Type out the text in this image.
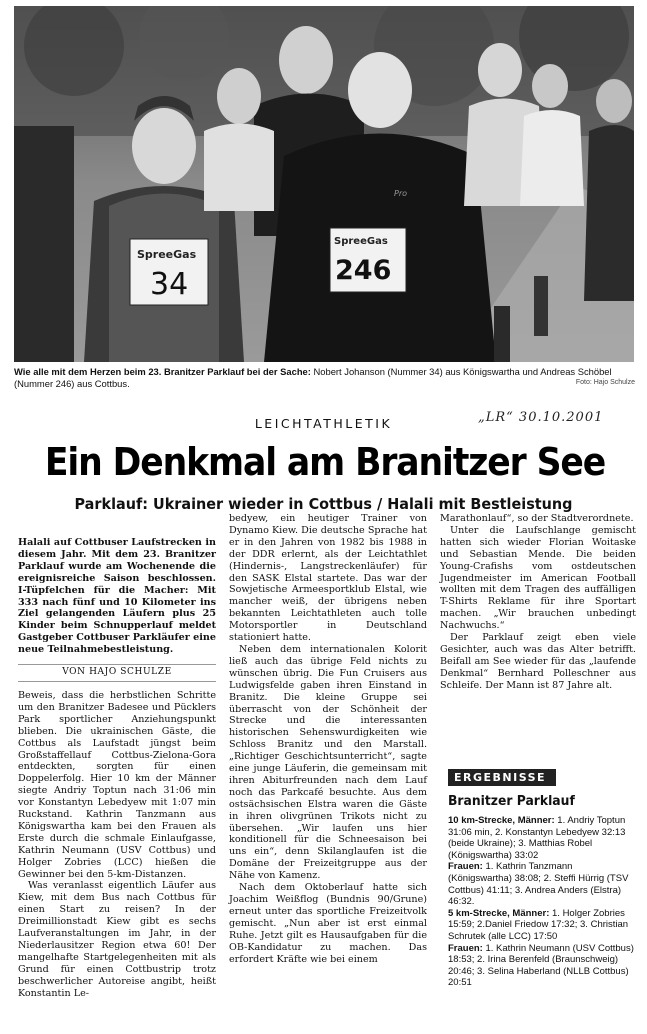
SpreeGas
34
Pro
SpreeGas
246
Wie alle mit dem Herzen beim 23. Branitzer Parklauf bei der Sache: Nobert Johanson (Nummer 34) aus Königswartha und Andreas Schöbel (Nummer 246) aus Cottbus.	Foto: Hajo Schulze
LEICHTATHLETIK	„LR“ 30.10.2001
Ein Denkmal am Branitzer See
Parklauf: Ukrainer wieder in Cottbus / Halali mit Bestleistung

Halali auf Cottbuser Laufstrecken in diesem Jahr. Mit dem 23. Branitzer Parklauf wurde am Wochenende die ereignisreiche Saison beschlossen. I-Tüpfelchen für die Macher: Mit 333 nach fünf und 10 Kilometer ins Ziel gelangenden Läufern plus 25 Kinder beim Schnupperlauf meldet Gastgeber Cottbuser Parkläufer eine neue Teilnahmebestleistung.

VON HAJO SCHULZE

Beweis, dass die herbstlichen Schritte um den Branitzer Badesee und Pücklers Park sportlicher Anziehungspunkt blieben. Die ukrainischen Gäste, die Cottbus als Laufstadt jüngst beim Großstaffellauf Cottbus-Zielona-Gora entdeckten, sorgten für einen Doppelerfolg. Hier 10 km der Männer siegte Andriy Toptun nach 31:06 min vor Konstantyn Lebedyew mit 1:07 min Ruckstand. Kathrin Tanzmann aus Königswartha kam bei den Frauen als Erste durch die schmale Einlaufgasse, Kathrin Neumann (USV Cottbus) und Holger Zobries (LCC) hießen die Gewinner bei den 5-km-Distanzen.

Was veranlasst eigentlich Läufer aus Kiew, mit dem Bus nach Cottbus für einen Start zu reisen? In der Dreimillionstadt Kiew gibt es sechs Laufveranstaltungen im Jahr, in der Niederlausitzer Region etwa 60! Der mangelhafte Startgelegenheiten mit als Grund für einen Cottbustrip trotz beschwerlicher Autoreise angibt, heißt Konstantin Le-

bedyew, ein heutiger Trainer von Dynamo Kiew. Die deutsche Sprache hat er in den Jahren von 1982 bis 1988 in der DDR erlernt, als der Leichtathlet (Hindernis-, Langstreckenläufer) für den SASK Elstal startete. Das war der Sowjetische Armeesportklub Elstal, wie mancher weiß, der übrigens neben bekannten Leichtathleten auch tolle Motorsportler in Deutschland stationiert hatte.

Neben dem internationalen Kolorit ließ auch das übrige Feld nichts zu wünschen übrig. Die Fun Cruisers aus Ludwigsfelde gaben ihren Einstand in Branitz. Die kleine Gruppe sei überrascht von der Schönheit der Strecke und die interessanten historischen Sehenswurdigkeiten wie Schloss Branitz und den Marstall. „Richtiger Geschichtsunterricht“, sagte eine junge Läuferin, die gemeinsam mit ihren Abiturfreunden nach dem Lauf noch das Parkcafé besuchte. Aus dem ostsächsischen Elstra waren die Gäste in ihren olivgrünen Trikots nicht zu übersehen. „Wir laufen uns hier konditionell für die Schneesaison bei uns ein“, denn Skilanglaufen ist die Domäne der Freizeitgruppe aus der Nähe von Kamenz.

Nach dem Oktoberlauf hatte sich Joachim Weißflog (Bundnis 90/Grune) erneut unter das sportliche Freizeitvolk gemischt. „Nun aber ist erst einmal Ruhe. Jetzt gilt es Hausaufgaben für die OB-Kandidatur zu machen. Das erfordert Kräfte wie bei einem

Marathonlauf“, so der Stadtverordnete.

Unter die Laufschlange gemischt hatten sich wieder Florian Woitaske und Sebastian Mende. Die beiden Young-Crafishs vom ostdeutschen Jugendmeister im American Football wollten mit dem Tragen des auffälligen T-Shirts Reklame für ihre Sportart machen. „Wir brauchen unbedingt Nachwuchs.“

Der Parklauf zeigt eben viele Gesichter, auch was das Alter betrifft. Beifall am See wieder für das „laufende Denkmal“ Bernhard Polleschner aus Schleife. Der Mann ist 87 Jahre alt.

ERGEBNISSE
Branitzer Parklauf
10 km-Strecke, Männer: 1. Andriy Toptun 31:06 min, 2. Konstantyn Lebedyew 32:13 (beide Ukraine); 3. Matthias Robel (Königswartha) 33:02
Frauen: 1. Kathrin Tanzmann (Königswartha) 38:08; 2. Steffi Hürrig (TSV Cottbus) 41:11; 3. Andrea Anders (Elstra) 46:32.
5 km-Strecke, Männer: 1. Holger Zobries 15:59; 2.Daniel Friedow 17:32; 3. Christian Schrutek (alle LCC) 17:50
Frauen: 1. Kathrin Neumann (USV Cottbus) 18:53; 2. Irina Berenfeld (Braunschweig) 20:46; 3. Selina Haberland (NLLB Cottbus) 20:51
